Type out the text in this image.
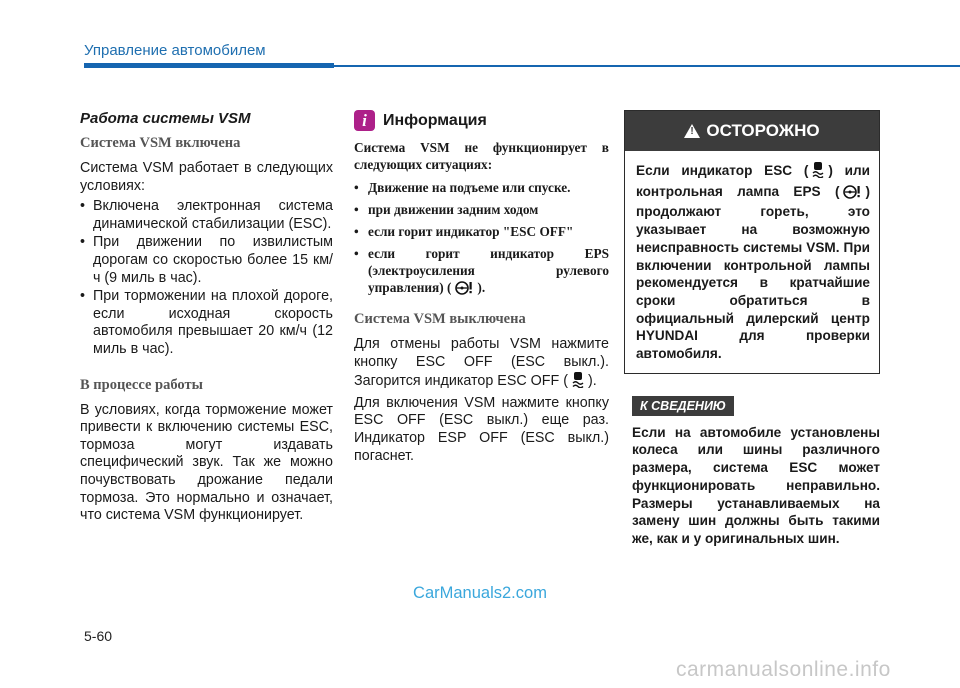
Управление автомобилем
Работа системы VSM
Система VSM включена

Система VSM работает в следующих условиях:

• Включена электронная система динамической стабилизации (ESC).
• При движении по извилистым дорогам со скоростью более 15 км/ч (9 миль в час).
• При торможении на плохой дороге, если исходная скорость автомобиля превышает 20 км/ч (12 миль в час).
В процессе работы

В условиях, когда торможение может привести к включению системы ESC, тормоза могут издавать специфический звук. Так же можно почувствовать дрожание педали тормоза. Это нормально и означает, что система VSM функционирует.

i	Информация
Система VSM не функционирует в следующих ситуациях:
• Движение на подъеме или спуске.
• при движении задним ходом
• если горит индикатор "ESC OFF"
• если горит индикатор EPS (электроусиления рулевого управления) ( ).
Система VSM выключена

Для отмены работы VSM нажмите кнопку ESC OFF (ESC выкл.). Загорится индикатор ESC OFF ( ).

Для включения VSM нажмите кнопку ESC OFF (ESC выкл.) еще раз. Индикатор ESP OFF (ESC выкл.) погаснет.

! ОСТОРОЖНО
Если индикатор ESC ( ) или контрольная лампа EPS ( ) продолжают гореть, это указывает на возможную неисправность системы VSM. При включении контрольной лампы рекомендуется в кратчайшие сроки обратиться в официальный дилерский центр HYUNDAI для проверки автомобиля.
К СВЕДЕНИЮ

Если на автомобиле установлены колеса или шины различного размера, система ESC может функционировать неправильно. Размеры устанавливаемых на замену шин должны быть такими же, как и у оригинальных шин.

CarManuals2.com
5-60
carmanualsonline.info
